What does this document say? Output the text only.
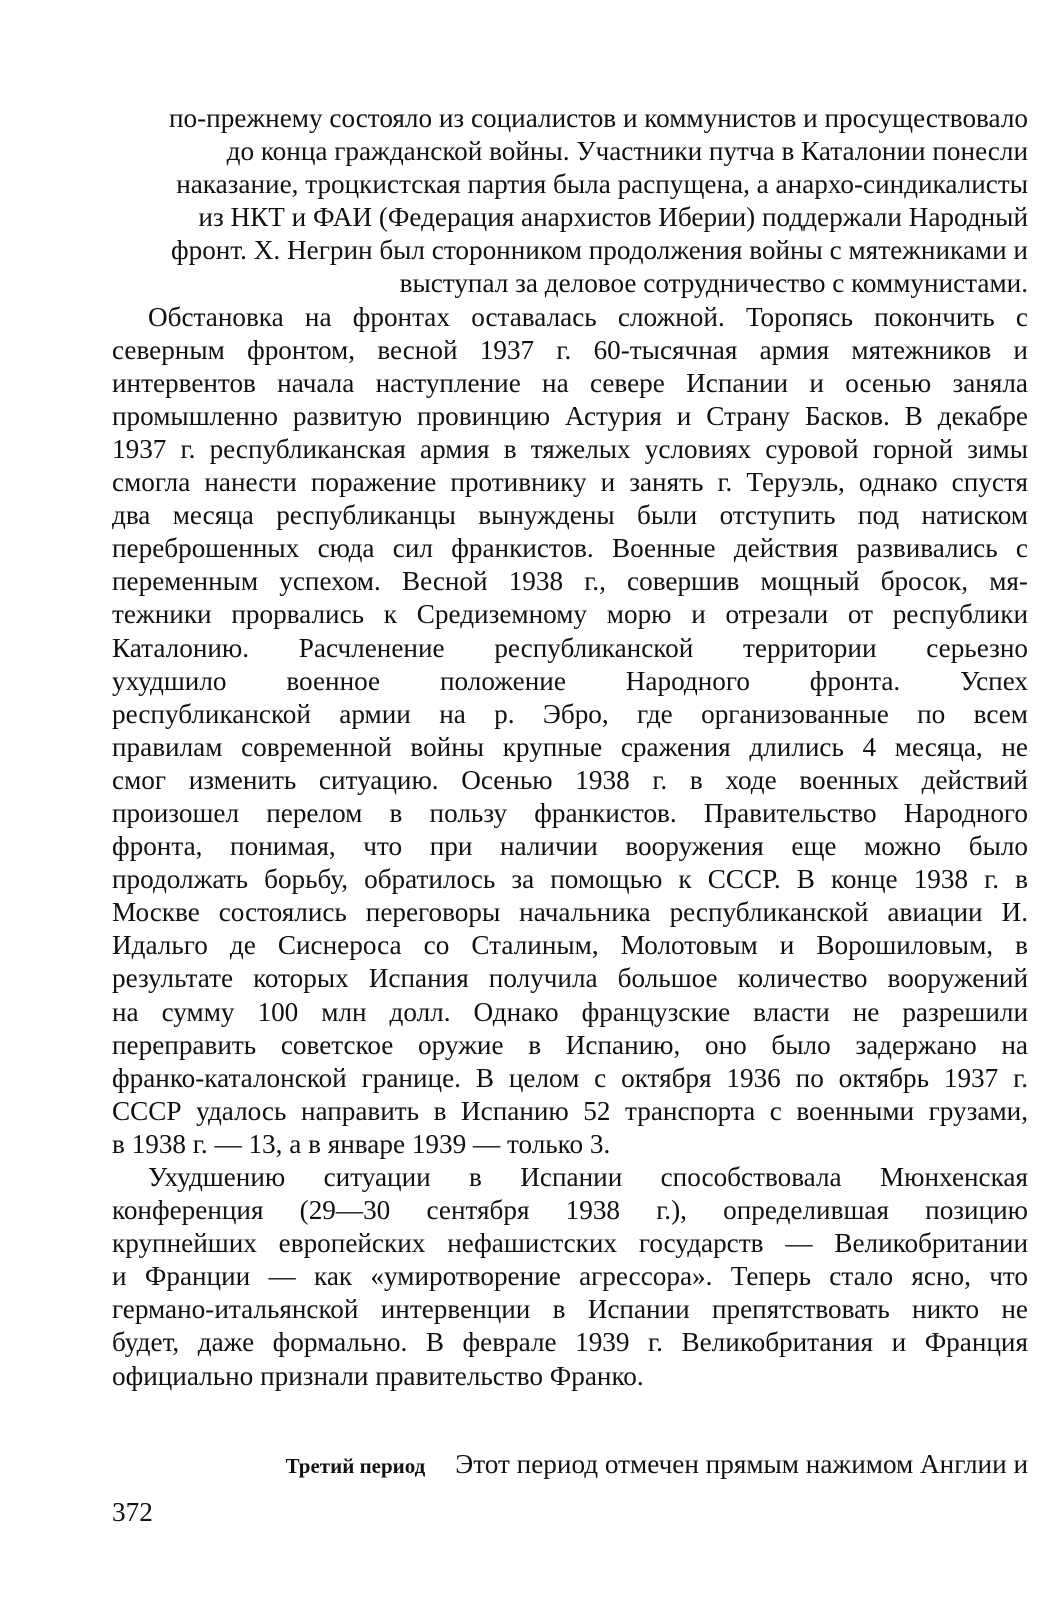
по-прежнему состояло из социалистов и коммунистов и просуществовало
до конца гражданской войны. Участники путча в Каталонии понесли
наказание, троцкистская партия была распущена, а анархо-синдикалисты
из НКТ и ФАИ (Федерация анархистов Иберии) поддержали Народный
фронт. X. Негрин был сторонником продолжения войны с мятежниками и
выступал за деловое сотрудничество с коммунистами.
Обстановка на фронтах оставалась сложной. Торопясь покончить с
северным фронтом, весной 1937 г. 60-тысячная армия мятежников и
интервентов начала наступление на севере Испании и осенью заняла
промышленно развитую провинцию Астурия и Страну Басков. В декабре
1937 г. республиканская армия в тяжелых условиях суровой горной зимы
смогла нанести поражение противнику и занять г. Теруэль, однако спустя
два месяца республиканцы вынуждены были отступить под натиском
переброшенных сюда сил франкистов. Военные действия развивались с
переменным успехом. Весной 1938 г., совершив мощный бросок, мя-
тежники прорвались к Средиземному морю и отрезали от республики
Каталонию. Расчленение республиканской территории серьезно
ухудшило военное положение Народного фронта. Успех
республиканской армии на р. Эбро, где организованные по всем
правилам современной войны крупные сражения длились 4 месяца, не
смог изменить ситуацию. Осенью 1938 г. в ходе военных действий
произошел перелом в пользу франкистов. Правительство Народного
фронта, понимая, что при наличии вооружения еще можно было
продолжать борьбу, обратилось за помощью к СССР. В конце 1938 г. в
Москве состоялись переговоры начальника республиканской авиации И.
Идальго де Сиснероса со Сталиным, Молотовым и Ворошиловым, в
результате которых Испания получила большое количество вооружений
на сумму 100 млн долл. Однако французские власти не разрешили
переправить советское оружие в Испанию, оно было задержано на
франко-каталонской границе. В целом с октября 1936 по октябрь 1937 г.
СССР удалось направить в Испанию 52 транспорта с военными грузами,
в 1938 г. — 13, а в январе 1939 — только 3.
Ухудшению ситуации в Испании способствовала Мюнхенская
конференция (29—30 сентября 1938 г.), определившая позицию
крупнейших европейских нефашистских государств — Великобритании
и Франции — как «умиротворение агрессора». Теперь стало ясно, что
германо-итальянской интервенции в Испании препятствовать никто не
будет, даже формально. В феврале 1939 г. Великобритания и Франция
официально признали правительство Франко.
Третий период Этот период отмечен прямым нажимом Англии и
372
